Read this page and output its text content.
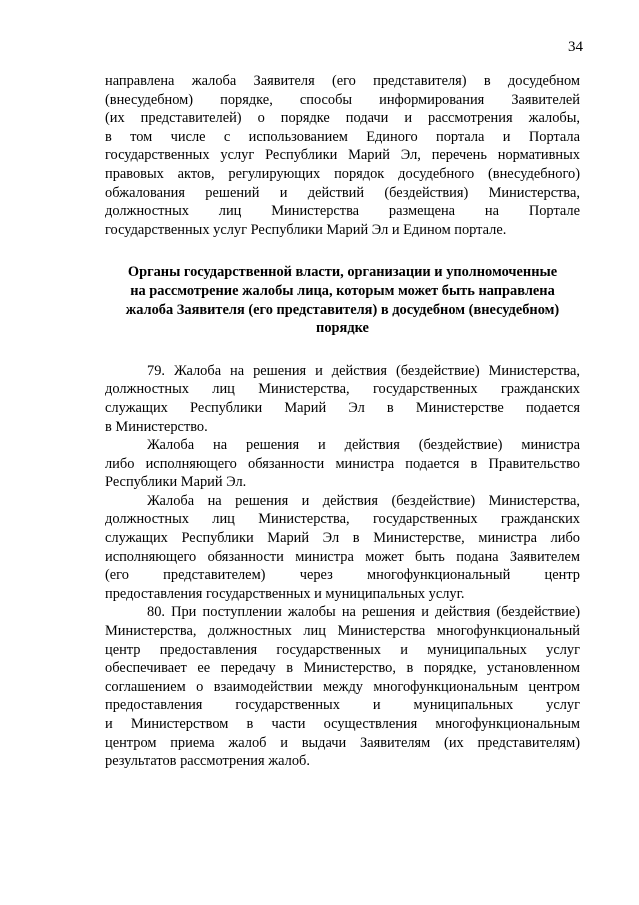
34
направлена жалоба Заявителя (его представителя) в досудебном
(внесудебном) порядке, способы информирования Заявителей
(их представителей) о порядке подачи и рассмотрения жалобы,
в том числе с использованием Единого портала и Портала
государственных услуг Республики Марий Эл, перечень нормативных
правовых актов, регулирующих порядок досудебного (внесудебного)
обжалования решений и действий (бездействия) Министерства,
должностных лиц Министерства размещена на Портале
государственных услуг Республики Марий Эл и Едином портале.
Органы государственной власти, организации и уполномоченные
на рассмотрение жалобы лица, которым может быть направлена
жалоба Заявителя (его представителя) в досудебном (внесудебном)
порядке
79. Жалоба на решения и действия (бездействие) Министерства,
должностных лиц Министерства, государственных гражданских
служащих Республики Марий Эл в Министерстве подается
в Министерство.
Жалоба на решения и действия (бездействие) министра
либо исполняющего обязанности министра подается в Правительство
Республики Марий Эл.
Жалоба на решения и действия (бездействие) Министерства,
должностных лиц Министерства, государственных гражданских
служащих Республики Марий Эл в Министерстве, министра либо
исполняющего обязанности министра может быть подана Заявителем
(его представителем) через многофункциональный центр
предоставления государственных и муниципальных услуг.
80. При поступлении жалобы на решения и действия (бездействие)
Министерства, должностных лиц Министерства многофункциональный
центр предоставления государственных и муниципальных услуг
обеспечивает ее передачу в Министерство, в порядке, установленном
соглашением о взаимодействии между многофункциональным центром
предоставления государственных и муниципальных услуг
и Министерством в части осуществления многофункциональным
центром приема жалоб и выдачи Заявителям (их представителям)
результатов рассмотрения жалоб.
